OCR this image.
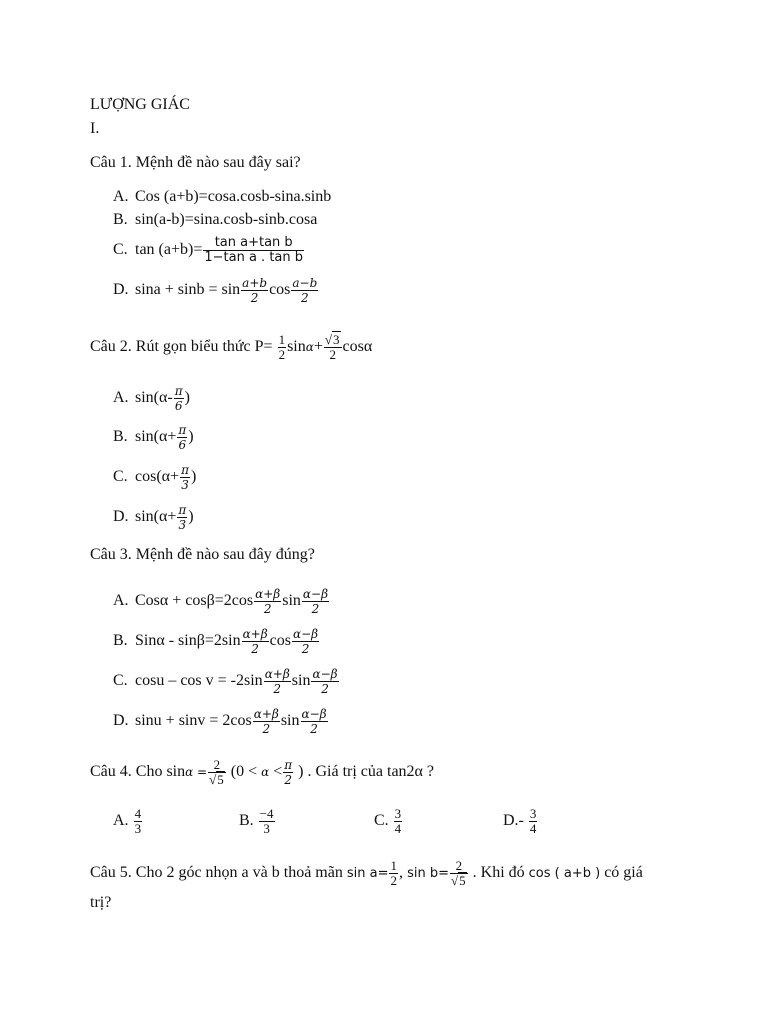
LƯỢNG GIÁC
I.
Câu 1. Mệnh đề nào sau đây sai?
A. Cos (a+b)=cosa.cosb-sina.sinb
B. sin(a-b)=sina.cosb-sinb.cosa
C. $\tan (a+b)= \frac{\text{tan a+tan b}}{\text{1−tan a . tan b}}$
D. $\sin a + \sin b = \sin \frac{a+b}{2}$ $\cos \frac{a-b}{2}$
Câu 2. Rút gọn biểu thức $P= \frac{1}{2} \sin\alpha+ \frac{√3}{2}$ cosα
A. $\sin(\alpha- \frac{\pi}{6}$ )
B. $\sin(\alpha+ \frac{\pi}{6}$ )
C. $\cos(\alpha+ \frac{\pi}{3}$ )
D. $\sin(\alpha+ \frac{\pi}{3}$ )
Câu 3. Mệnh đề nào sau đây đúng?
A. $Cos\alpha + \cos\beta=2\cos \frac{\alpha+\beta}{2}$ $\sin \frac{\alpha-\beta}{2}$
B. $Sin\alpha - \sin\beta=2\sin \frac{\alpha+\beta}{2}$ $\cos \frac{\alpha-\beta}{2}$
C. $\cos u - \cos v = -2\sin \frac{\alpha+\beta}{2}$ $\sin \frac{\alpha-\beta}{2}$
D. $\sin u + \sin v = 2\cos \frac{\alpha+\beta}{2}$ $\sin \frac{\alpha-\beta}{2}$
Câu 4. Cho $\sin\alpha = \frac{2}{√5} (0 < \alpha < \frac{\pi}{2}$ ) . Giá trị của tan2α ?
A. $\frac{4}{3}$	B. $\frac{-4}{3}$	C. $\frac{3}{4}$	$D.- \frac{3}{4}$
Câu 5. Cho 2 góc nhọn a và b thoả mãn $\sin a= \frac{1}{2}$ , $\sin b= \frac{2}{√5}$ . Khi đó cos ( a+b ) có giá
trị?
